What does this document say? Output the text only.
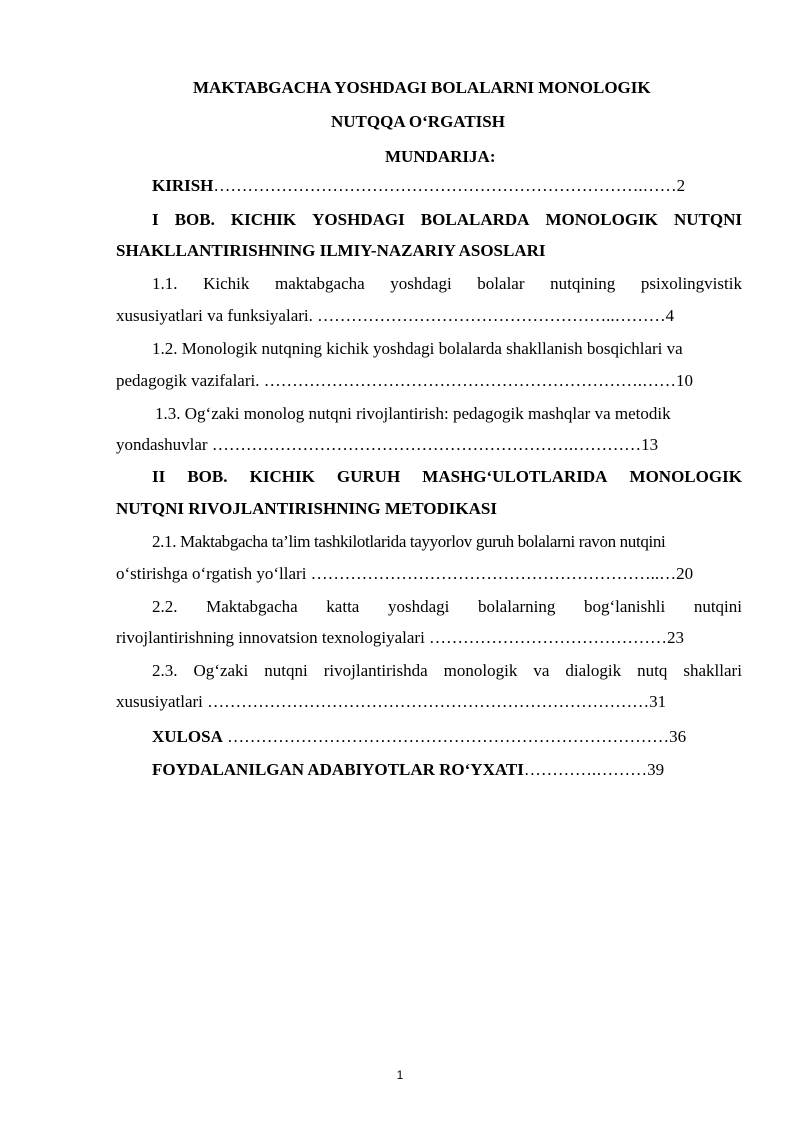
MAKTABGACHA YOSHDAGI BOLALARNI MONOLOGIK
NUTQQA O‘RGATISH
MUNDARIJA:
KIRISH………………………………………………………………….……2
I BOB. KICHIK YOSHDAGI BOLALARDA MONOLOGIK NUTQNI
SHAKLLANTIRISHNING ILMIY-NAZARIY ASOSLARI
1.1. Kichik maktabgacha yoshdagi bolalar nutqining psixolingvistik
xususiyatlari va funksiyalari. ……………………………………………..………4
1.2. Monologik nutqning kichik yoshdagi bolalarda shakllanish bosqichlari va
pedagogik vazifalari. ………………………………………………………….……10
1.3. Og‘zaki monolog nutqni rivojlantirish: pedagogik mashqlar va metodik
yondashuvlar ……………………………………………………….…………13
II BOB. KICHIK GURUH MASHG‘ULOTLARIDA MONOLOGIK
NUTQNI RIVOJLANTIRISHNING METODIKASI
2.1. Maktabgacha ta’lim tashkilotlarida tayyorlov guruh bolalarni ravon nutqini
o‘stirishga o‘rgatish yo‘llari ……………………………………………………..…20
2.2. Maktabgacha katta yoshdagi bolalarning bog‘lanishli nutqini
rivojlantirishning innovatsion texnologiyalari ……………………………………23
2.3. Og‘zaki nutqni rivojlantirishda monologik va dialogik nutq shakllari
xususiyatlari ……………………………………………………………………31
XULOSA ……………………………………………………………………36
FOYDALANILGAN ADABIYOTLAR RO‘YXATI………….………39
1
